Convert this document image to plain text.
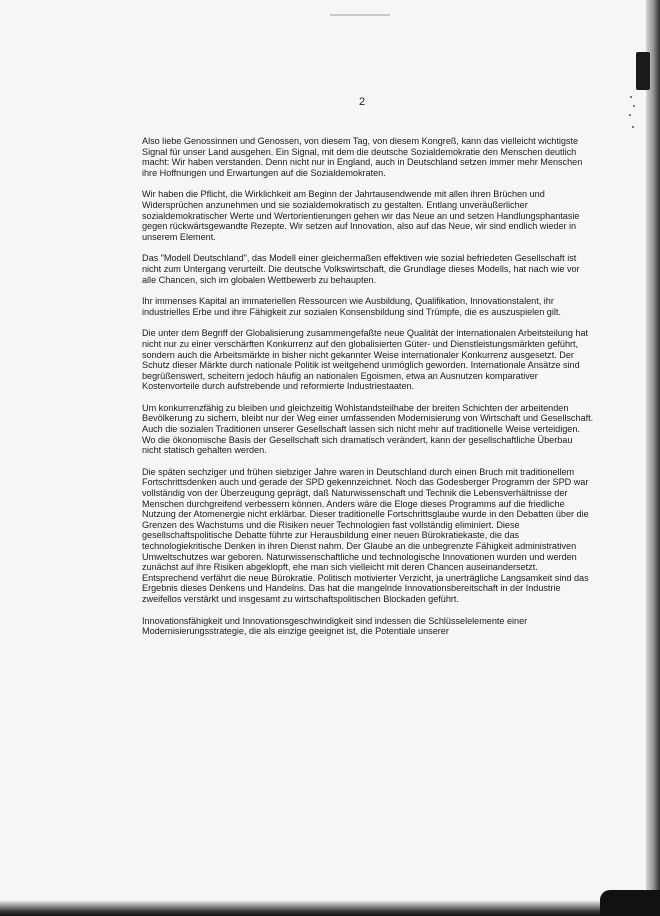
2

Also liebe Genossinnen und Genossen, von diesem Tag, von diesem Kongreß, kann das vielleicht wichtigste Signal für unser Land ausgehen. Ein Signal, mit dem die deutsche Sozialdemokratie den Menschen deutlich macht: Wir haben verstanden. Denn nicht nur in England, auch in Deutschland setzen immer mehr Menschen ihre Hoffnungen und Erwartungen auf die Sozialdemokraten.

Wir haben die Pflicht, die Wirklichkeit am Beginn der Jahrtausendwende mit allen ihren Brüchen und Widersprüchen anzunehmen und sie sozialdemokratisch zu gestalten. Entlang unveräußerlicher sozialdemokratischer Werte und Wertorientierungen gehen wir das Neue an und setzen Handlungsphantasie gegen rückwärtsgewandte Rezepte. Wir setzen auf Innovation, also auf das Neue, wir sind endlich wieder in unserem Element.

Das "Modell Deutschland", das Modell einer gleichermaßen effektiven wie sozial befriedeten Gesellschaft ist nicht zum Untergang verurteilt. Die deutsche Volkswirtschaft, die Grundlage dieses Modells, hat nach wie vor alle Chancen, sich im globalen Wettbewerb zu behaupten.

Ihr immenses Kapital an immateriellen Ressourcen wie Ausbildung, Qualifikation, Innovationstalent, ihr industrielles Erbe und ihre Fähigkeit zur sozialen Konsensbildung sind Trümpfe, die es auszuspielen gilt.

Die unter dem Begriff der Globalisierung zusammengefaßte neue Qualität der internationalen Arbeitsteilung hat nicht nur zu einer verschärften Konkurrenz auf den globalisierten Güter- und Dienstleistungsmärkten geführt, sondern auch die Arbeitsmärkte in bisher nicht gekannter Weise internationaler Konkurrenz ausgesetzt. Der Schutz dieser Märkte durch nationale Politik ist weitgehend unmöglich geworden. Internationale Ansätze sind begrüßenswert, scheitern jedoch häufig an nationalen Egoismen, etwa an Ausnutzen komparativer Kostenvorteile durch aufstrebende und reformierte Industriestaaten.

Um konkurrenzfähig zu bleiben und gleichzeitig Wohlstandsteilhabe der breiten Schichten der arbeitenden Bevölkerung zu sichern, bleibt nur der Weg einer umfassenden Modernisierung von Wirtschaft und Gesellschaft. Auch die sozialen Traditionen unserer Gesellschaft lassen sich nicht mehr auf traditionelle Weise verteidigen. Wo die ökonomische Basis der Gesellschaft sich dramatisch verändert, kann der gesellschaftliche Überbau nicht statisch gehalten werden.

Die späten sechziger und frühen siebziger Jahre waren in Deutschland durch einen Bruch mit traditionellem Fortschrittsdenken auch und gerade der SPD gekennzeichnet. Noch das Godesberger Programm der SPD war vollständig von der Überzeugung geprägt, daß Naturwissenschaft und Technik die Lebensverhältnisse der Menschen durchgreifend verbessern können. Anders wäre die Eloge dieses Programms auf die friedliche Nutzung der Atomenergie nicht erklärbar. Dieser traditionelle Fortschrittsglaube wurde in den Debatten über die Grenzen des Wachstums und die Risiken neuer Technologien fast vollständig eliminiert. Diese gesellschaftspolitische Debatte führte zur Herausbildung einer neuen Bürokratiekaste, die das technologiekritische Denken in ihren Dienst nahm. Der Glaube an die unbegrenzte Fähigkeit administrativen Umweltschutzes war geboren. Naturwissenschaftliche und technologische Innovationen wurden und werden zunächst auf ihre Risiken abgeklopft, ehe man sich vielleicht mit deren Chancen auseinandersetzt. Entsprechend verfährt die neue Bürokratie. Politisch motivierter Verzicht, ja unerträgliche Langsamkeit sind das Ergebnis dieses Denkens und Handelns. Das hat die mangelnde Innovationsbereitschaft in der Industrie zweifellos verstärkt und insgesamt zu wirtschaftspolitischen Blockaden geführt.

Innovationsfähigkeit und Innovationsgeschwindigkeit sind indessen die Schlüsselelemente einer Modernisierungsstrategie, die als einzige geeignet ist, die Potentiale unserer
